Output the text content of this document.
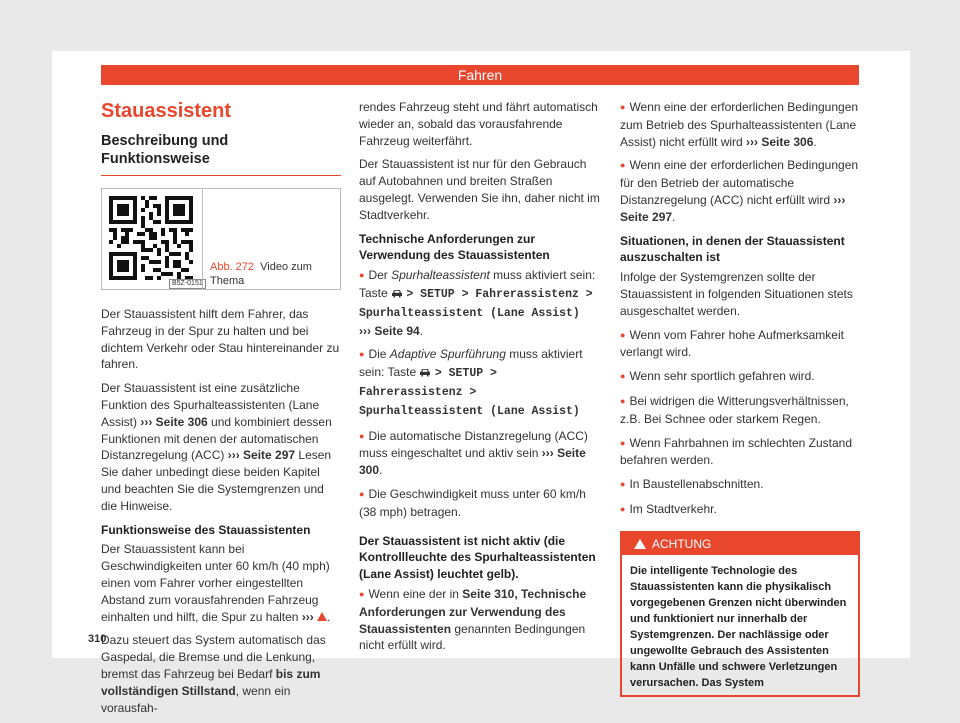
Fahren
Stauassistent
Beschreibung und Funktionsweise
B5Z-0151
Abb. 272 Video zum Thema

Der Stauassistent hilft dem Fahrer, das Fahrzeug in der Spur zu halten und bei dichtem Verkehr oder Stau hintereinander zu fahren.

Der Stauassistent ist eine zusätzliche Funktion des Spurhalteassistenten (Lane Assist) ››› Seite 306 und kombiniert dessen Funktionen mit denen der automatischen Distanzregelung (ACC) ››› Seite 297 Lesen Sie daher unbedingt diese beiden Kapitel und beachten Sie die Systemgrenzen und die Hinweise.

Funktionsweise des Stauassistenten

Der Stauassistent kann bei Geschwindigkeiten unter 60 km/h (40 mph) einen vom Fahrer vorher eingestellten Abstand zum vorausfahrenden Fahrzeug einhalten und hilft, die Spur zu halten ››› .

Dazu steuert das System automatisch das Gaspedal, die Bremse und die Lenkung, bremst das Fahrzeug bei Bedarf bis zum vollständigen Stillstand, wenn ein vorausfah-

rendes Fahrzeug steht und fährt automatisch wieder an, sobald das vorausfahrende Fahrzeug weiterfährt.

Der Stauassistent ist nur für den Gebrauch auf Autobahnen und breiten Straßen ausgelegt. Verwenden Sie ihn, daher nicht im Stadtverkehr.

Technische Anforderungen zur Verwendung des Stauassistenten

● Der Spurhalteassistent muss aktiviert sein: Taste  > SETUP > Fahrerassistenz > Spurhalteassistent (Lane Assist)
››› Seite 94.

● Die Adaptive Spurführung muss aktiviert sein: Taste  > SETUP > Fahrerassistenz > Spurhalteassistent (Lane Assist)

● Die automatische Distanzregelung (ACC) muss eingeschaltet und aktiv sein ››› Seite 300.

● Die Geschwindigkeit muss unter 60 km/h (38 mph) betragen.

Der Stauassistent ist nicht aktiv (die Kontrollleuchte des Spurhalteassistenten (Lane Assist) leuchtet gelb).

● Wenn eine der in Seite 310, Technische Anforderungen zur Verwendung des Stauassistenten genannten Bedingungen nicht erfüllt wird.

● Wenn eine der erforderlichen Bedingungen zum Betrieb des Spurhalteassistenten (Lane Assist) nicht erfüllt wird ››› Seite 306.

● Wenn eine der erforderlichen Bedingungen für den Betrieb der automatische Distanzregelung (ACC) nicht erfüllt wird ››› Seite 297.

Situationen, in denen der Stauassistent auszuschalten ist

Infolge der Systemgrenzen sollte der Stauassistent in folgenden Situationen stets ausgeschaltet werden.

● Wenn vom Fahrer hohe Aufmerksamkeit verlangt wird.

● Wenn sehr sportlich gefahren wird.

● Bei widrigen die Witterungsverhältnissen, z.B. Bei Schnee oder starkem Regen.

● Wenn Fahrbahnen im schlechten Zustand befahren werden.

● In Baustellenabschnitten.

● Im Stadtverkehr.

ACHTUNG
Die intelligente Technologie des Stauassistenten kann die physikalisch vorgegebenen Grenzen nicht überwinden und funktioniert nur innerhalb der Systemgrenzen. Der nachlässige oder ungewollte Gebrauch des Assistenten kann Unfälle und schwere Verletzungen verursachen. Das System
310
